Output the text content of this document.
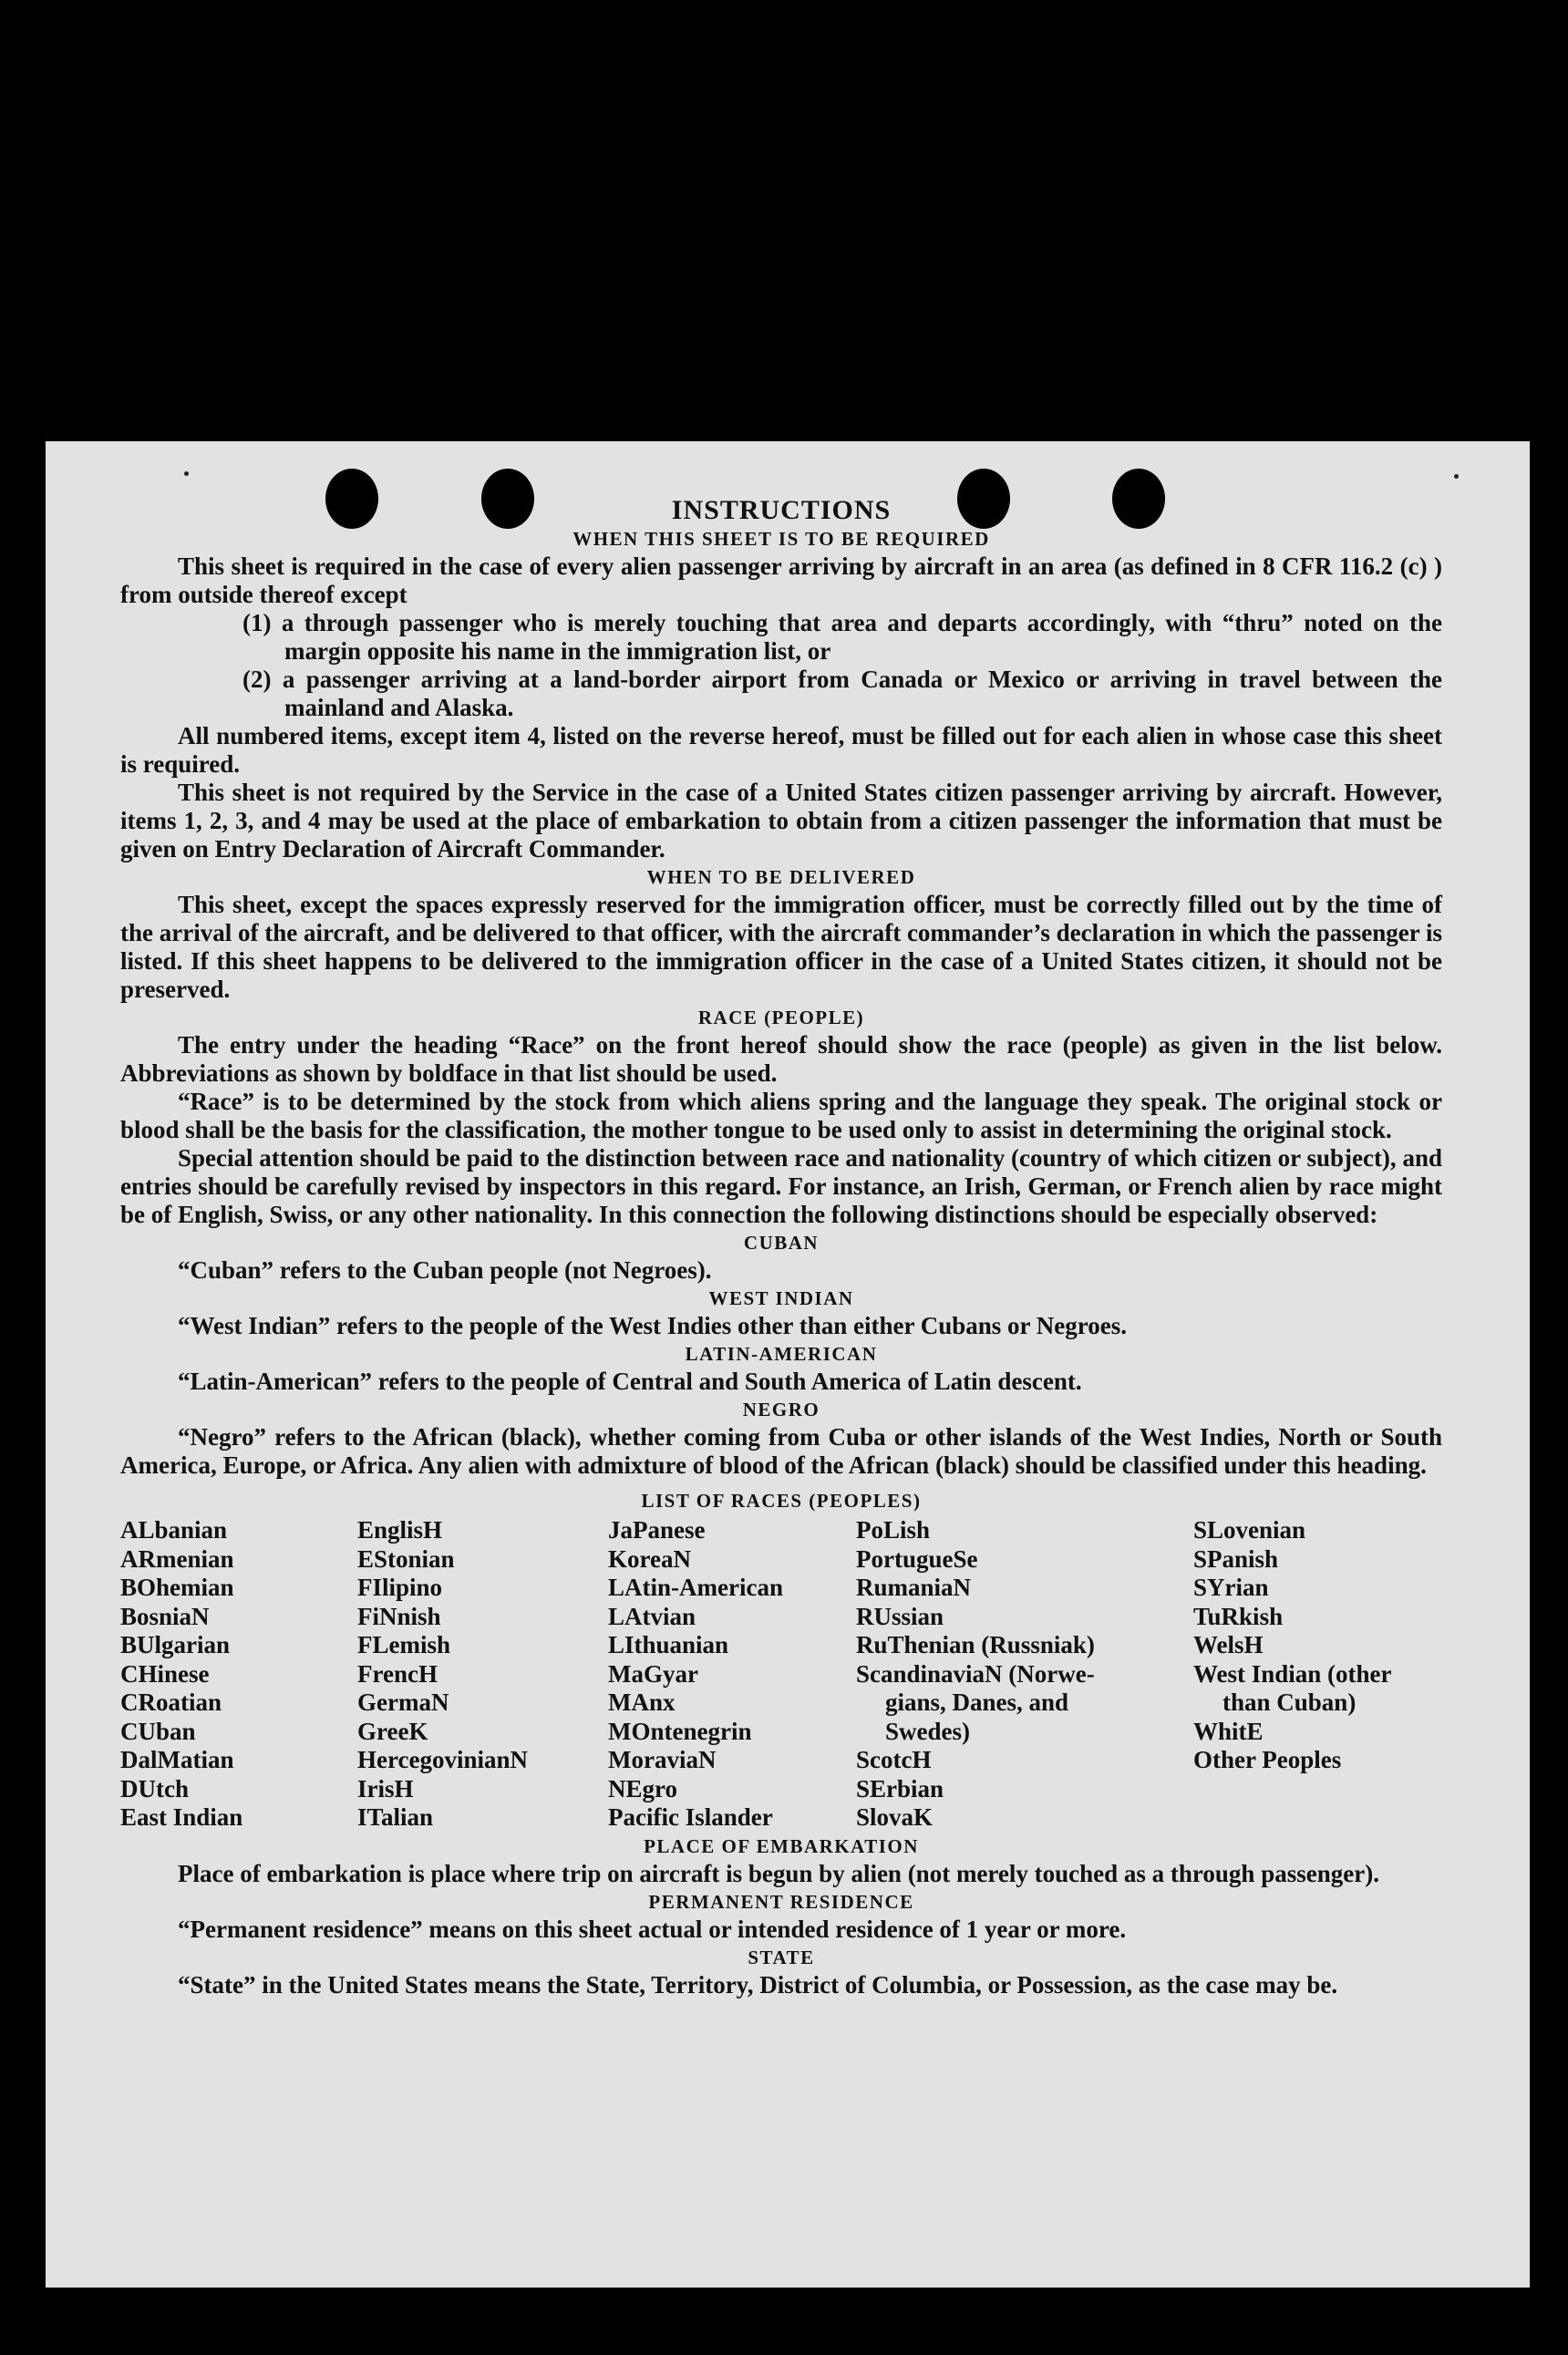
INSTRUCTIONS
WHEN THIS SHEET IS TO BE REQUIRED

This sheet is required in the case of every alien passenger arriving by aircraft in an area (as defined in 8 CFR 116.2 (c) ) from outside thereof except

(1) a through passenger who is merely touching that area and departs accordingly, with “thru” noted on the margin opposite his name in the immigration list, or

(2) a passenger arriving at a land-border airport from Canada or Mexico or arriving in travel between the mainland and Alaska.

All numbered items, except item 4, listed on the reverse hereof, must be filled out for each alien in whose case this sheet is required.

This sheet is not required by the Service in the case of a United States citizen passenger arriving by aircraft. However, items 1, 2, 3, and 4 may be used at the place of embarkation to obtain from a citizen passenger the information that must be given on Entry Declaration of Aircraft Commander.

WHEN TO BE DELIVERED

This sheet, except the spaces expressly reserved for the immigration officer, must be correctly filled out by the time of the arrival of the aircraft, and be delivered to that officer, with the aircraft commander’s declaration in which the passenger is listed. If this sheet happens to be delivered to the immigration officer in the case of a United States citizen, it should not be preserved.

RACE (PEOPLE)

The entry under the heading “Race” on the front hereof should show the race (people) as given in the list below. Abbreviations as shown by boldface in that list should be used.

“Race” is to be determined by the stock from which aliens spring and the language they speak. The original stock or blood shall be the basis for the classification, the mother tongue to be used only to assist in determining the original stock.

Special attention should be paid to the distinction between race and nationality (country of which citizen or subject), and entries should be carefully revised by inspectors in this regard. For instance, an Irish, German, or French alien by race might be of English, Swiss, or any other nationality. In this connection the following distinctions should be especially observed:

CUBAN

“Cuban” refers to the Cuban people (not Negroes).

WEST INDIAN

“West Indian” refers to the people of the West Indies other than either Cubans or Negroes.

LATIN-AMERICAN

“Latin-American” refers to the people of Central and South America of Latin descent.

NEGRO

“Negro” refers to the African (black), whether coming from Cuba or other islands of the West Indies, North or South America, Europe, or Africa. Any alien with admixture of blood of the African (black) should be classified under this heading.

LIST OF RACES (PEOPLES)
ALbanian
ARmenian
BOhemian
BosniaN
BUlgarian
CHinese
CRoatian
CUban
DalMatian
DUtch
East Indian
EnglisH
EStonian
FIlipino
FiNnish
FLemish
FrencH
GermaN
GreeK
HercegovinianN
IrisH
ITalian
JaPanese
KoreaN
LAtin-American
LAtvian
LIthuanian
MaGyar
MAnx
MOntenegrin
MoraviaN
NEgro
Pacific Islander
PoLish
PortugueSe
RumaniaN
RUssian
RuThenian (Russniak)
ScandinaviaN (Norwe-
gians, Danes, and
Swedes)
ScotcH
SErbian
SlovaK
SLovenian
SPanish
SYrian
TuRkish
WelsH
West Indian (other
than Cuban)
WhitE
Other Peoples
PLACE OF EMBARKATION

Place of embarkation is place where trip on aircraft is begun by alien (not merely touched as a through passenger).

PERMANENT RESIDENCE

“Permanent residence” means on this sheet actual or intended residence of 1 year or more.

STATE

“State” in the United States means the State, Territory, District of Columbia, or Possession, as the case may be.
